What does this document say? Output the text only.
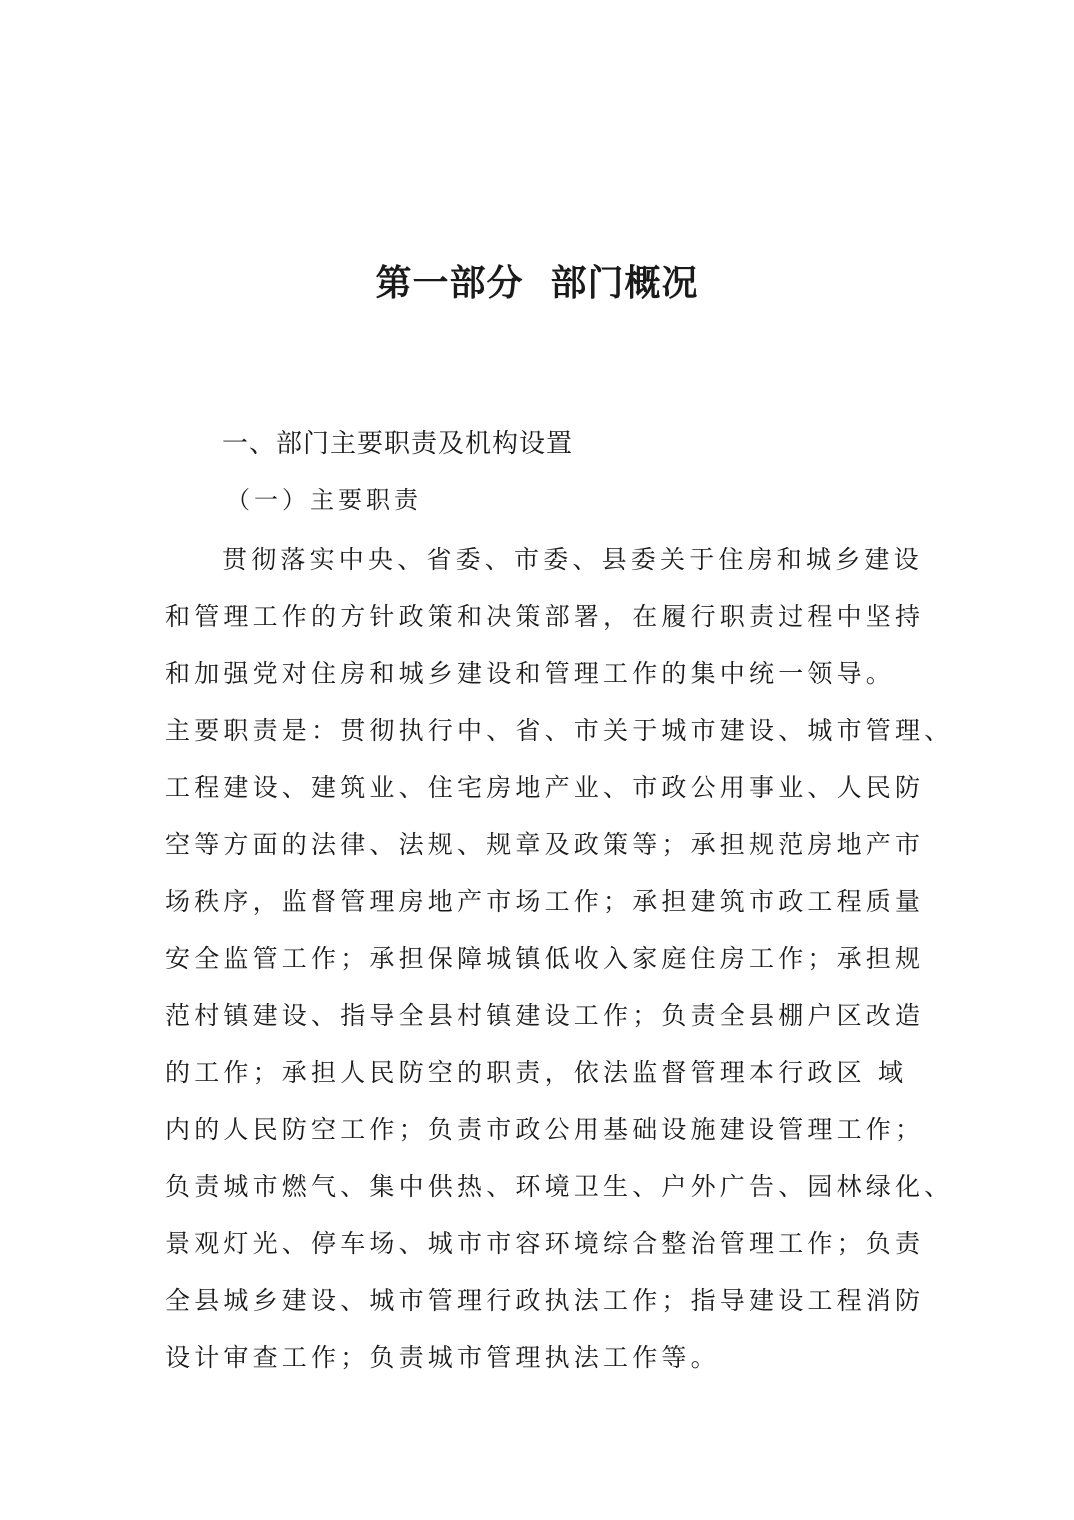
第一部分  部门概况
一、部门主要职责及机构设置
（一）主要职责
贯彻落实中央、省委、市委、县委关于住房和城乡建设
和管理工作的方针政策和决策部署，在履行职责过程中坚持
和加强党对住房和城乡建设和管理工作的集中统一领导。
主要职责是：贯彻执行中、省、市关于城市建设、城市管理、
工程建设、建筑业、住宅房地产业、市政公用事业、人民防
空等方面的法律、法规、规章及政策等；承担规范房地产市
场秩序，监督管理房地产市场工作；承担建筑市政工程质量
安全监管工作；承担保障城镇低收入家庭住房工作；承担规
范村镇建设、指导全县村镇建设工作；负责全县棚户区改造
的工作；承担人民防空的职责，依法监督管理本行政区 域
内的人民防空工作；负责市政公用基础设施建设管理工作；
负责城市燃气、集中供热、环境卫生、户外广告、园林绿化、
景观灯光、停车场、城市市容环境综合整治管理工作；负责
全县城乡建设、城市管理行政执法工作；指导建设工程消防
设计审查工作；负责城市管理执法工作等。
